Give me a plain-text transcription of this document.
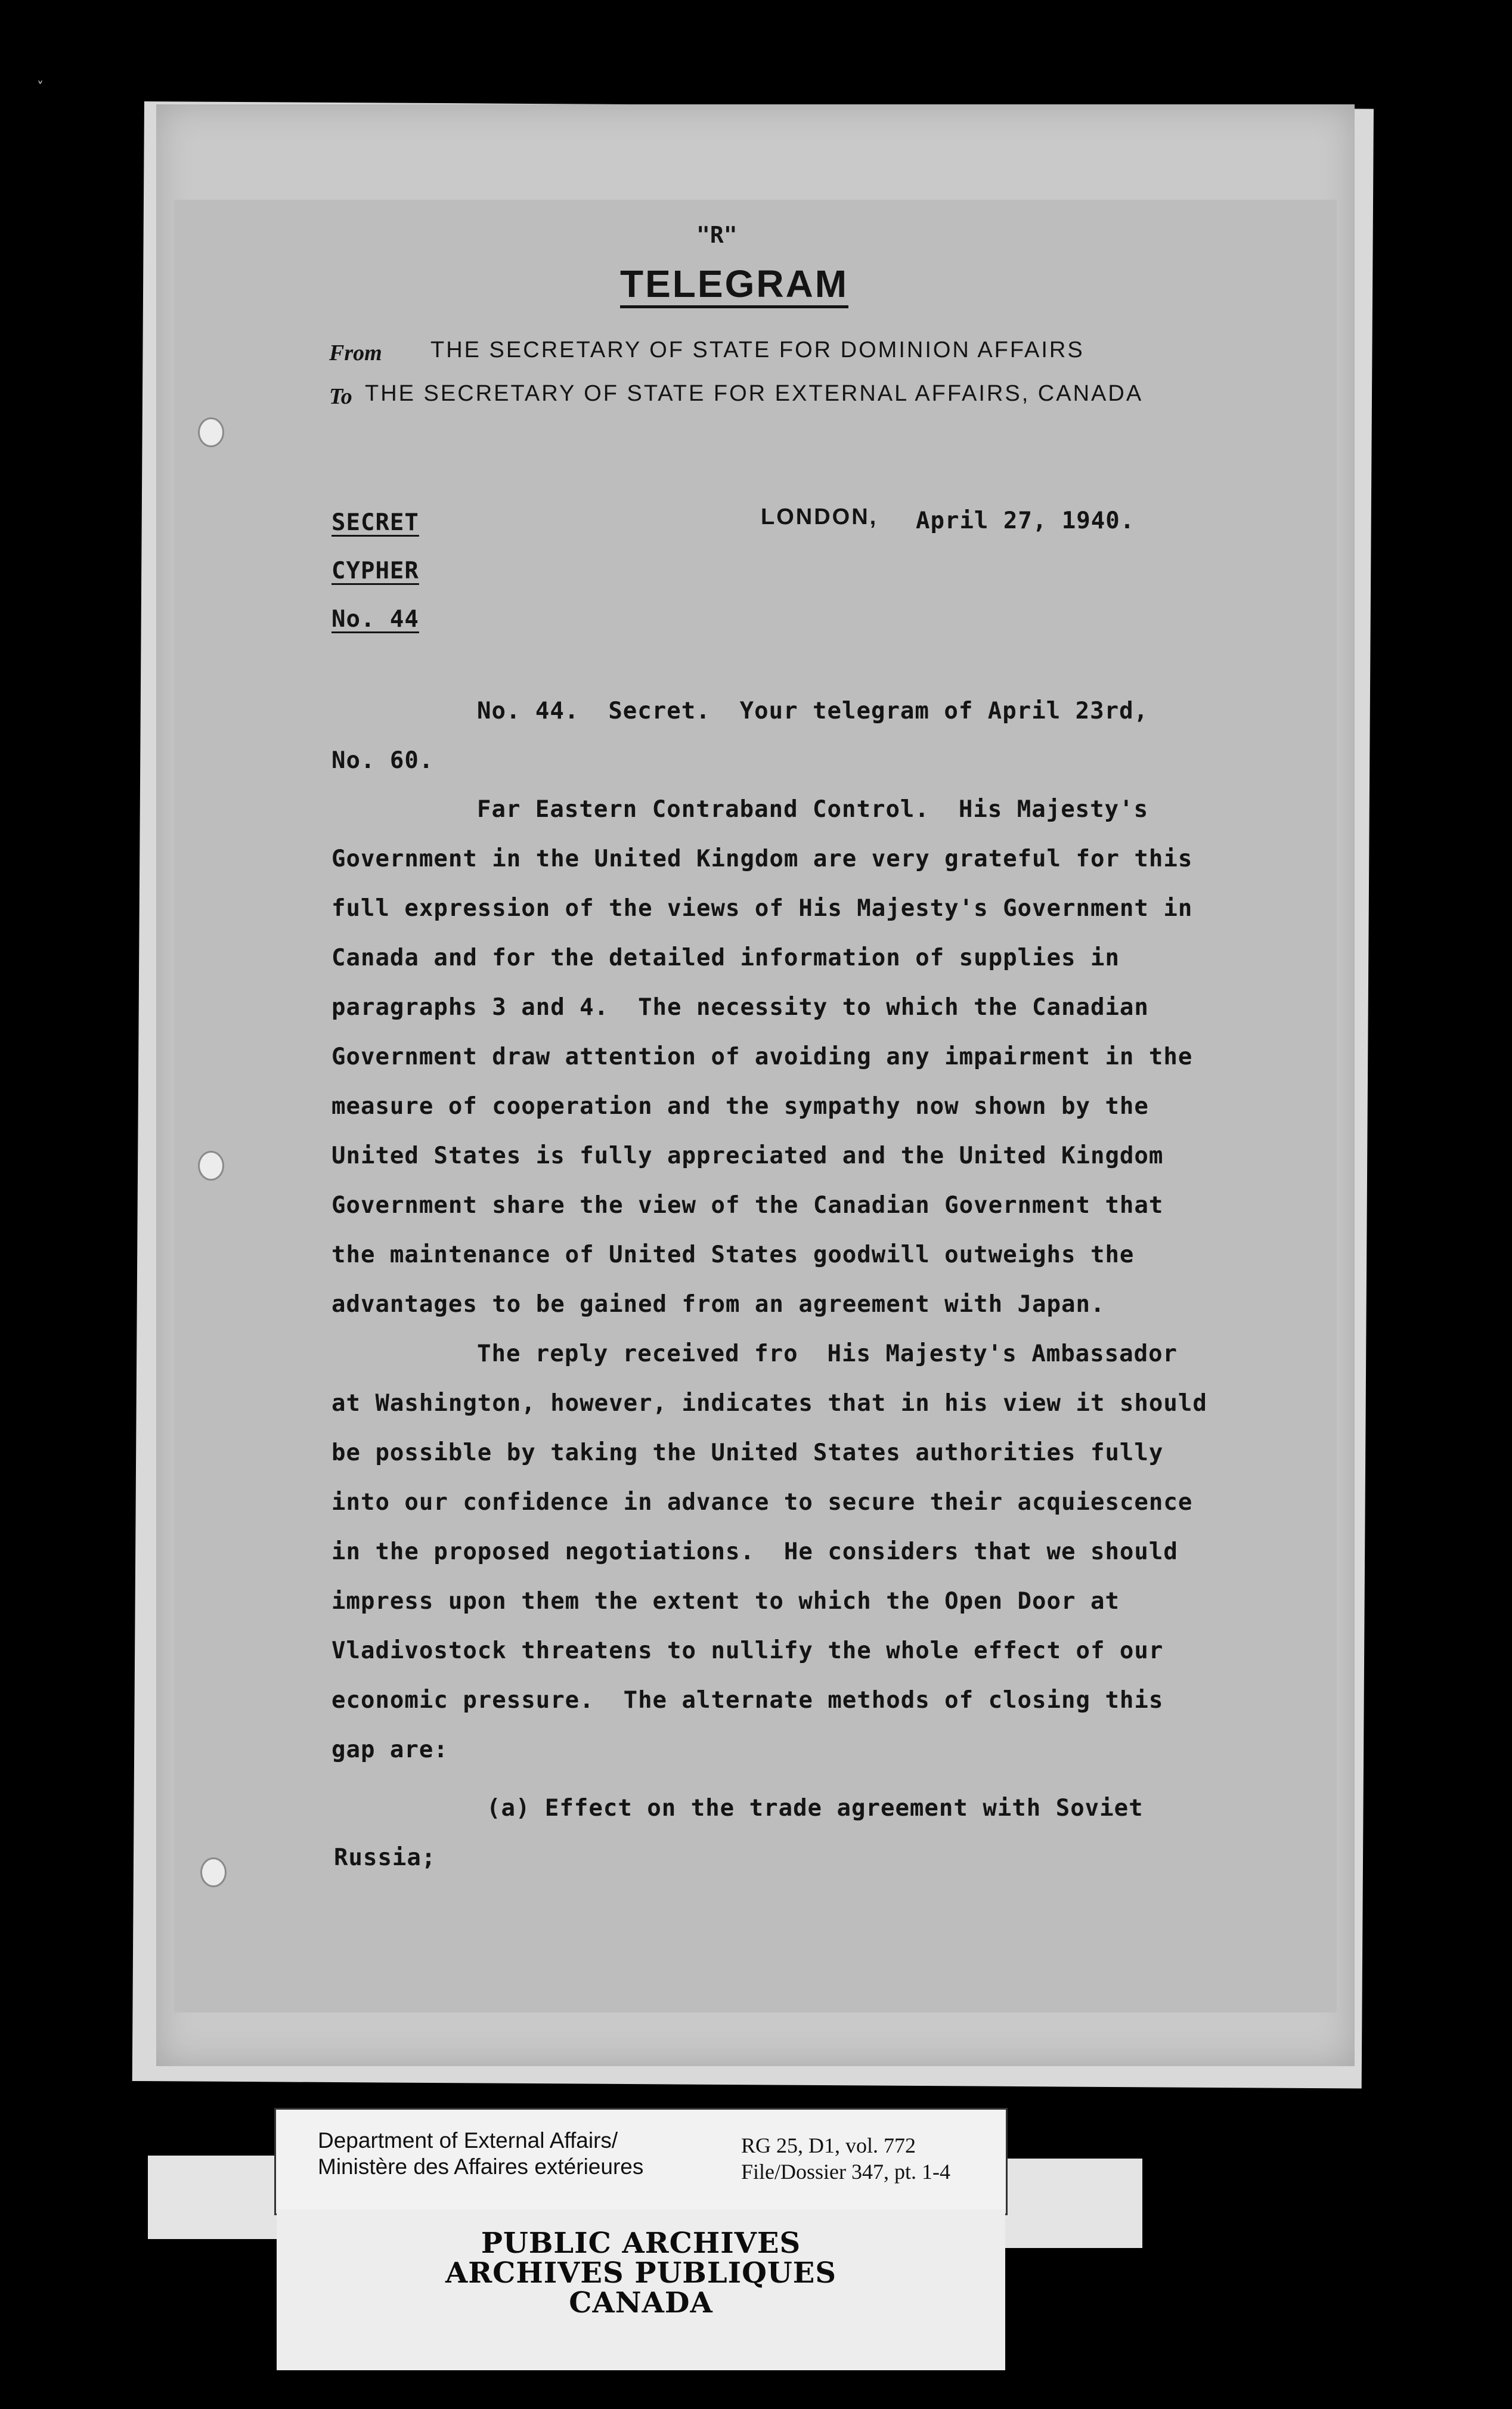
˅
"R"
TELEGRAM
From THE SECRETARY OF STATE FOR DOMINION AFFAIRS
To THE SECRETARY OF STATE FOR EXTERNAL AFFAIRS, CANADA
SECRET
CYPHER
No. 44
LONDON, April 27, 1940.
No. 44.  Secret.  Your telegram of April 23rd,
No. 60.
Far Eastern Contraband Control.  His Majesty's
Government in the United Kingdom are very grateful for this
full expression of the views of His Majesty's Government in
Canada and for the detailed information of supplies in
paragraphs 3 and 4.  The necessity to which the Canadian
Government draw attention of avoiding any impairment in the
measure of cooperation and the sympathy now shown by the
United States is fully appreciated and the United Kingdom
Government share the view of the Canadian Government that
the maintenance of United States goodwill outweighs the
advantages to be gained from an agreement with Japan.
The reply received fro  His Majesty's Ambassador
at Washington, however, indicates that in his view it should
be possible by taking the United States authorities fully
into our confidence in advance to secure their acquiescence
in the proposed negotiations.  He considers that we should
impress upon them the extent to which the Open Door at
Vladivostock threatens to nullify the whole effect of our
economic pressure.  The alternate methods of closing this
gap are:
(a) Effect on the trade agreement with Soviet
Russia;
Department of External Affairs/
Ministère des Affaires extérieures
RG 25, D1, vol. 772
File/Dossier 347, pt. 1-4
PUBLIC ARCHIVES
ARCHIVES PUBLIQUES
CANADA
